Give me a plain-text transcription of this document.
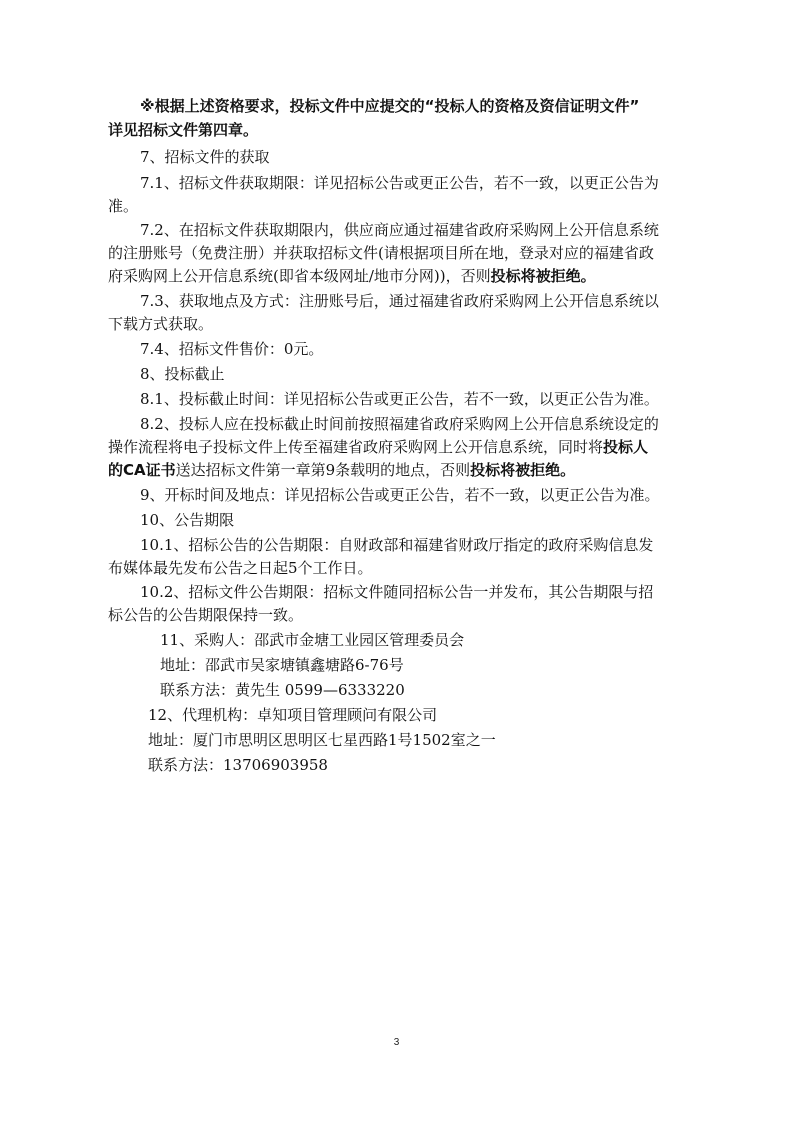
※根据上述资格要求，投标文件中应提交的“投标人的资格及资信证明文件”
详见招标文件第四章。
7、招标文件的获取
7.1、招标文件获取期限：详见招标公告或更正公告，若不一致，以更正公告为
准。
7.2、在招标文件获取期限内，供应商应通过福建省政府采购网上公开信息系统
的注册账号（免费注册）并获取招标文件(请根据项目所在地，登录对应的福建省政
府采购网上公开信息系统(即省本级网址/地市分网))，否则投标将被拒绝。
7.3、获取地点及方式：注册账号后，通过福建省政府采购网上公开信息系统以
下载方式获取。
7.4、招标文件售价：0元。
8、投标截止
8.1、投标截止时间：详见招标公告或更正公告，若不一致，以更正公告为准。
8.2、投标人应在投标截止时间前按照福建省政府采购网上公开信息系统设定的
操作流程将电子投标文件上传至福建省政府采购网上公开信息系统，同时将投标人
的CA证书送达招标文件第一章第9条载明的地点，否则投标将被拒绝。
9、开标时间及地点：详见招标公告或更正公告，若不一致，以更正公告为准。
10、公告期限
10.1、招标公告的公告期限：自财政部和福建省财政厅指定的政府采购信息发
布媒体最先发布公告之日起5个工作日。
10.2、招标文件公告期限：招标文件随同招标公告一并发布，其公告期限与招
标公告的公告期限保持一致。
11、采购人：邵武市金塘工业园区管理委员会
地址：邵武市吴家塘镇鑫塘路6-76号
联系方法：黄先生 0599—6333220
12、代理机构：卓知项目管理顾问有限公司
地址：厦门市思明区思明区七星西路1号1502室之一
联系方法：13706903958
3
